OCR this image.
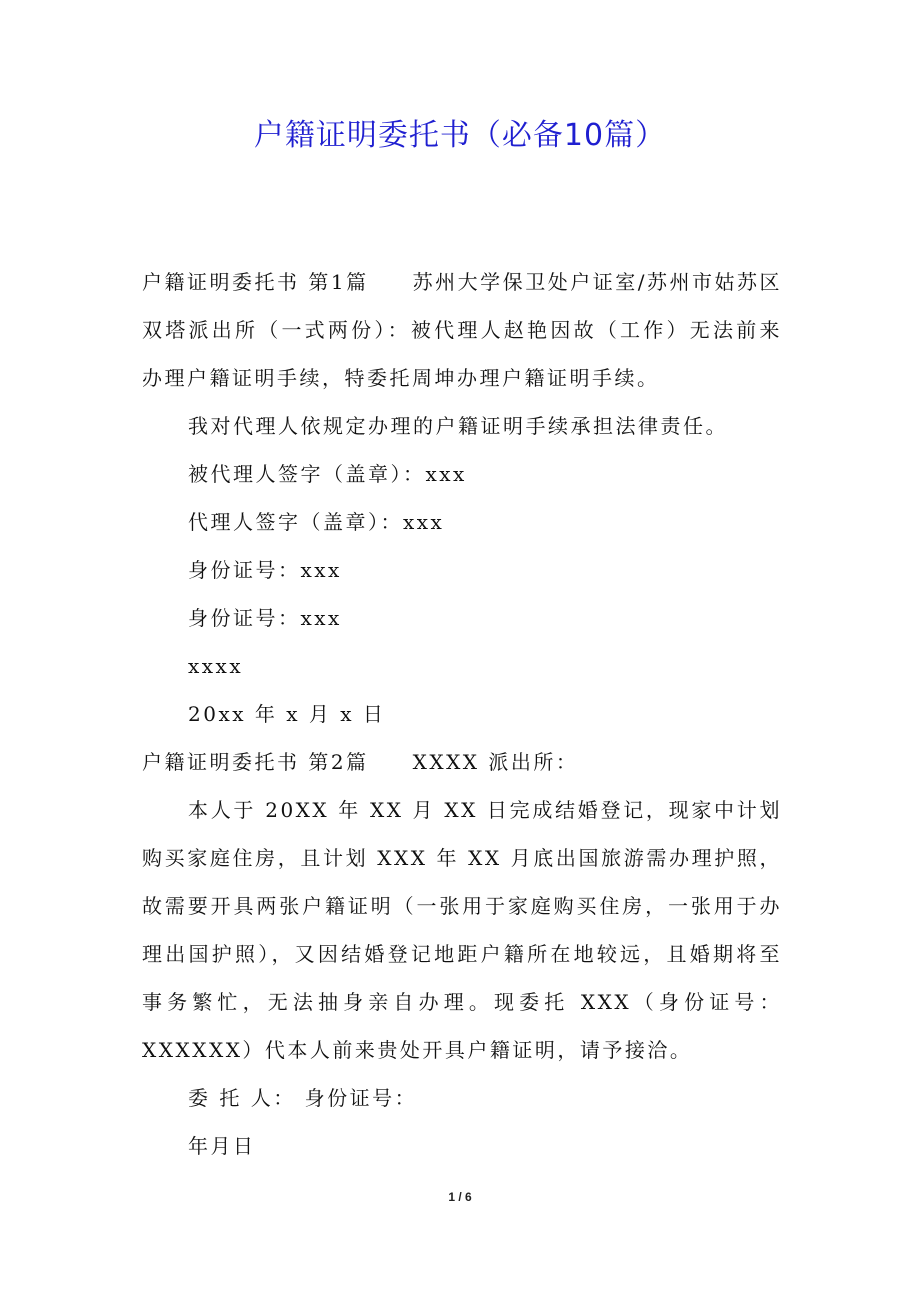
户籍证明委托书（必备10篇）

户籍证明委托书 第1篇 苏州大学保卫处户证室/苏州市姑苏区双塔派出所（一式两份）：被代理人赵艳因故（工作）无法前来办理户籍证明手续，特委托周坤办理户籍证明手续。

我对代理人依规定办理的户籍证明手续承担法律责任。

被代理人签字（盖章）：xxx

代理人签字（盖章）：xxx

身份证号：xxx

身份证号：xxx

xxxx

20xx 年 x 月 x 日

户籍证明委托书 第2篇 XXXX 派出所：

本人于 20XX 年 XX 月 XX 日完成结婚登记，现家中计划购买家庭住房，且计划 XXX 年 XX 月底出国旅游需办理护照，故需要开具两张户籍证明（一张用于家庭购买住房，一张用于办理出国护照），又因结婚登记地距户籍所在地较远，且婚期将至事务繁忙，无法抽身亲自办理。现委托 XXX（身份证号：XXXXXX）代本人前来贵处开具户籍证明，请予接洽。

委 托 人： 身份证号：

年月日

1 / 6
